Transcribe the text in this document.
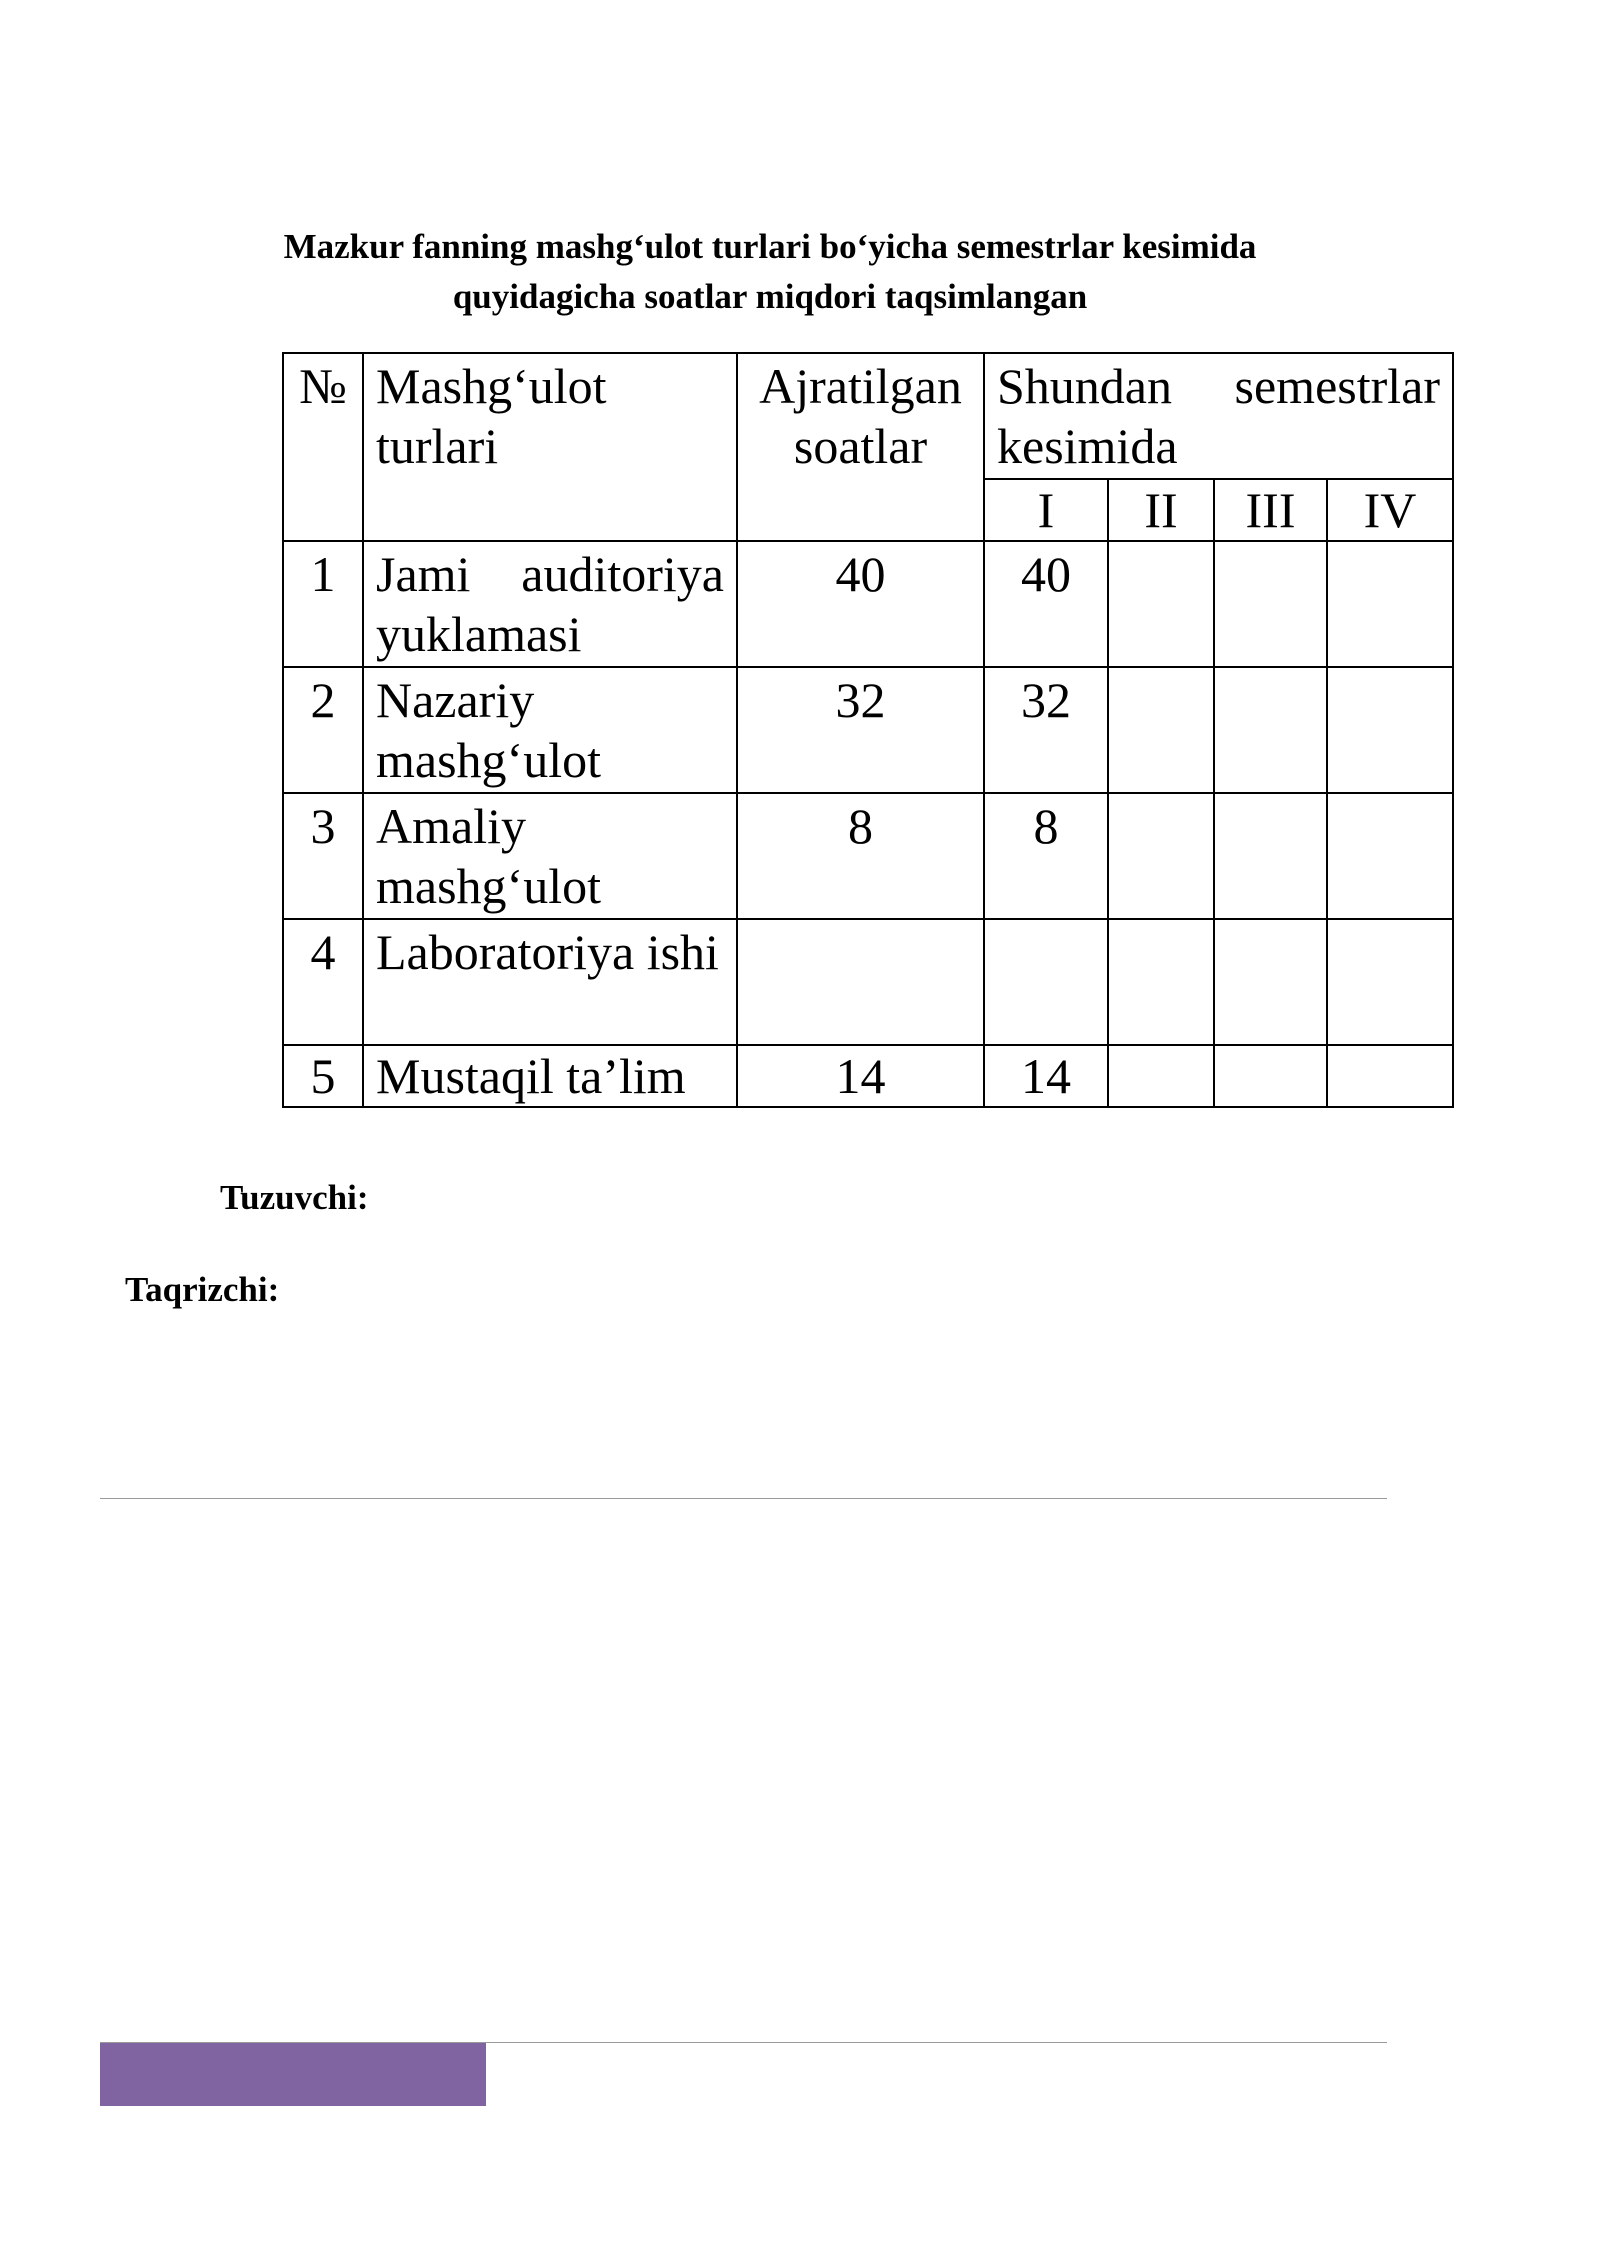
Mazkur fanning mashg‘ulot turlari bo‘yicha semestrlar kesimida
quyidagicha soatlar miqdori taqsimlangan
№	Mashg‘ulot turlari	Ajratilgan soatlar	Shundan semestrlar kesimida			
			I	II	III	IV
1	Jami auditoriya yuklamasi	40	40			
2	Nazariy mashg‘ulot	32	32			
3	Amaliy mashg‘ulot	8	8			
4	Laboratoriya ishi					
5	Mustaqil ta’lim	14	14			
Tuzuvchi:
Taqrizchi:
